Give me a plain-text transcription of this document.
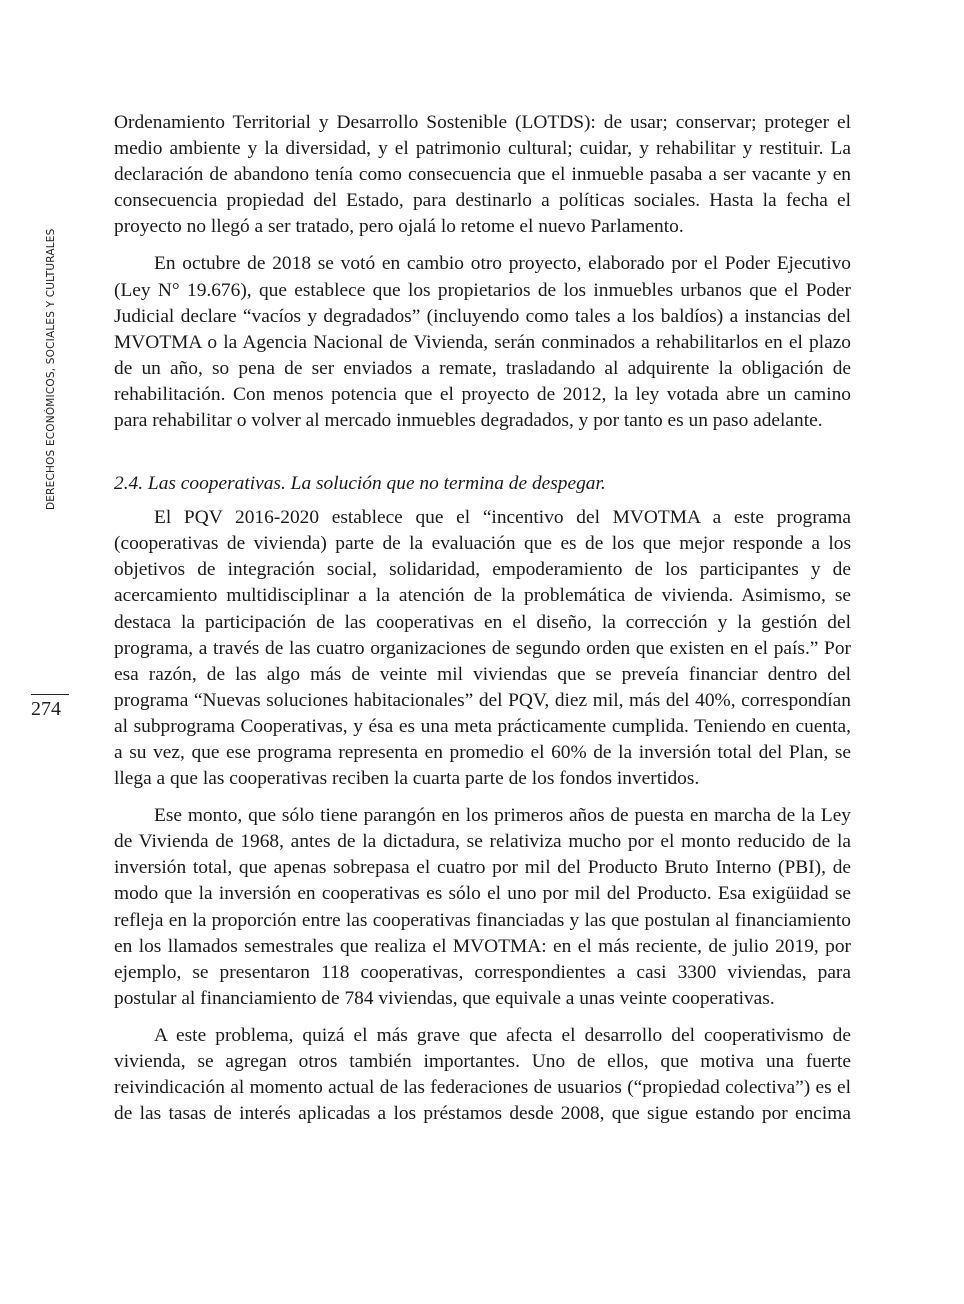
DERECHOS ECONÓMICOS, SOCIALES Y CULTURALES
274

Ordenamiento Territorial y Desarrollo Sostenible (LOTDS): de usar; conservar; proteger el medio ambiente y la diversidad, y el patrimonio cultural; cuidar, y rehabilitar y restituir. La declaración de abandono tenía como consecuencia que el inmueble pasaba a ser vacante y en consecuencia propiedad del Estado, para destinarlo a políticas sociales. Hasta la fecha el proyecto no llegó a ser tratado, pero ojalá lo retome el nuevo Parlamento.

En octubre de 2018 se votó en cambio otro proyecto, elaborado por el Poder Ejecutivo (Ley N° 19.676), que establece que los propietarios de los inmuebles urbanos que el Poder Judicial declare “vacíos y degradados” (incluyendo como tales a los baldíos) a instancias del MVOTMA o la Agencia Nacional de Vivienda, serán conminados a rehabilitarlos en el plazo de un año, so pena de ser enviados a remate, trasladando al adquirente la obligación de rehabilitación. Con menos potencia que el proyecto de 2012, la ley votada abre un camino para rehabilitar o volver al mercado inmuebles degradados, y por tanto es un paso adelante.

2.4. Las cooperativas. La solución que no termina de despegar.

El PQV 2016-2020 establece que el “incentivo del MVOTMA a este programa (cooperativas de vivienda) parte de la evaluación que es de los que mejor responde a los objetivos de integración social, solidaridad, empoderamiento de los participantes y de acercamiento multidisciplinar a la atención de la problemática de vivienda. Asimismo, se destaca la participación de las cooperativas en el diseño, la corrección y la gestión del programa, a través de las cuatro organizaciones de segundo orden que existen en el país.” Por esa razón, de las algo más de veinte mil viviendas que se preveía financiar dentro del programa “Nuevas soluciones habitacionales” del PQV, diez mil, más del 40%, correspondían al subprograma Cooperativas, y ésa es una meta prácticamente cumplida. Teniendo en cuenta, a su vez, que ese programa representa en promedio el 60% de la inversión total del Plan, se llega a que las cooperativas reciben la cuarta parte de los fondos invertidos.

Ese monto, que sólo tiene parangón en los primeros años de puesta en marcha de la Ley de Vivienda de 1968, antes de la dictadura, se relativiza mucho por el monto reducido de la inversión total, que apenas sobrepasa el cuatro por mil del Producto Bruto Interno (PBI), de modo que la inversión en cooperativas es sólo el uno por mil del Producto. Esa exigüidad se refleja en la proporción entre las cooperativas financiadas y las que postulan al financiamiento en los llamados semestrales que realiza el MVOTMA: en el más reciente, de julio 2019, por ejemplo, se presentaron 118 cooperativas, correspondientes a casi 3300 viviendas, para postular al financiamiento de 784 viviendas, que equivale a unas veinte cooperativas.

A este problema, quizá el más grave que afecta el desarrollo del cooperativismo de vivienda, se agregan otros también importantes. Uno de ellos, que motiva una fuerte reivindicación al momento actual de las federaciones de usuarios (“propiedad colectiva”) es el de las tasas de interés aplicadas a los préstamos desde 2008, que sigue estando por encima
